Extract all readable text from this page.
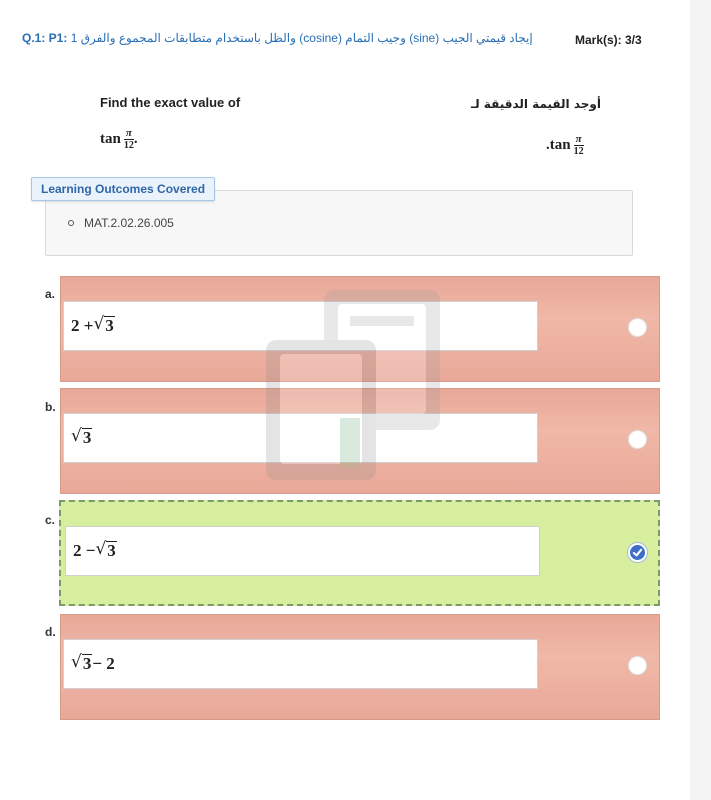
Q.1: P1: والظل باستخدام متطابقات المجموع والفرق 1 (cosine) وجيب التمام (sine) إيجاد قيمتي الجيب	Mark(s): 3/3
Find the exact value of	أوجد القيمة الدقيقة لـ
$\tan \frac{\pi}{12}$ .	$.\tan \frac{\pi}{12}$
Learning Outcomes Covered
MAT.2.02.26.005
a.
2 + √ 3
b.
√ 3
c.
2 − √ 3
d.
√ 3 − 2
